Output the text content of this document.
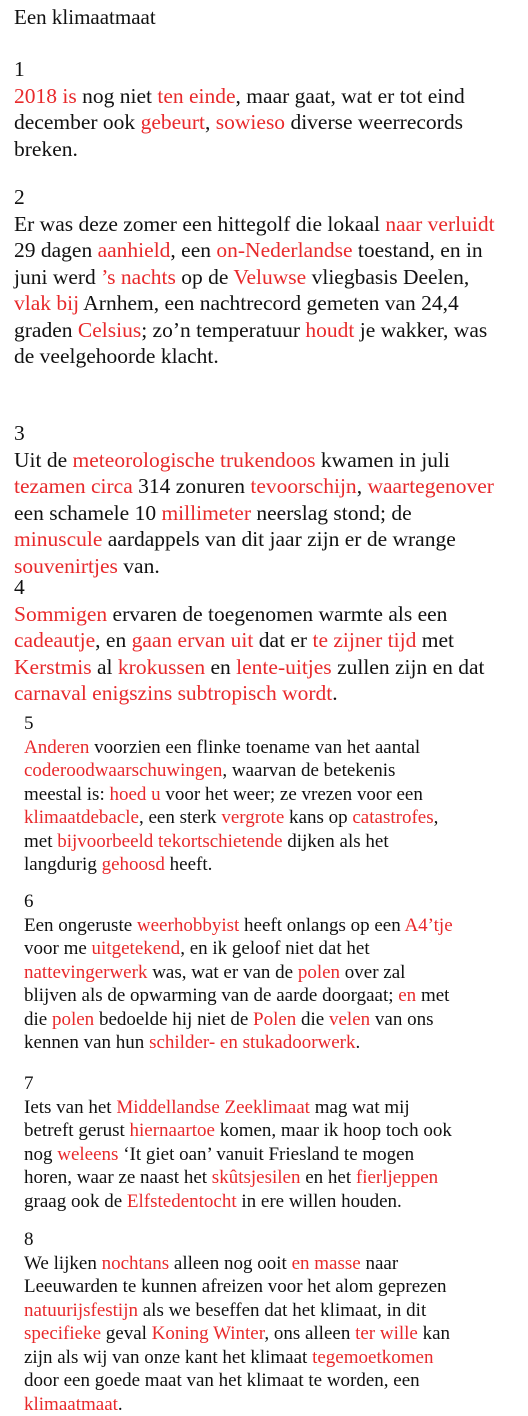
Een klimaatmaat
1
2018 is nog niet ten einde, maar gaat, wat er tot eind
december ook gebeurt, sowieso diverse weerrecords
breken.
2
Er was deze zomer een hittegolf die lokaal naar verluidt
29 dagen aanhield, een on-Nederlandse toestand, en in
juni werd ’s nachts op de Veluwse vliegbasis Deelen,
vlak bij Arnhem, een nachtrecord gemeten van 24,4
graden Celsius; zo’n temperatuur houdt je wakker, was
de veelgehoorde klacht.
3
Uit de meteorologische trukendoos kwamen in juli
tezamen circa 314 zonuren tevoorschijn, waartegenover
een schamele 10 millimeter neerslag stond; de
minuscule aardappels van dit jaar zijn er de wrange
souvenirtjes van.
4
Sommigen ervaren de toegenomen warmte als een
cadeautje, en gaan ervan uit dat er te zijner tijd met
Kerstmis al krokussen en lente-uitjes zullen zijn en dat
carnaval enigszins subtropisch wordt.
5
Anderen voorzien een flinke toename van het aantal
coderoodwaarschuwingen, waarvan de betekenis
meestal is: hoed u voor het weer; ze vrezen voor een
klimaatdebacle, een sterk vergrote kans op catastrofes,
met bijvoorbeeld tekortschietende dijken als het
langdurig gehoosd heeft.
6
Een ongeruste weerhobbyist heeft onlangs op een A4’tje
voor me uitgetekend, en ik geloof niet dat het
nattevingerwerk was, wat er van de polen over zal
blijven als de opwarming van de aarde doorgaat; en met
die polen bedoelde hij niet de Polen die velen van ons
kennen van hun schilder- en stukadoorwerk.
7
Iets van het Middellandse Zeeklimaat mag wat mij
betreft gerust hiernaartoe komen, maar ik hoop toch ook
nog weleens ‘It giet oan’ vanuit Friesland te mogen
horen, waar ze naast het skûtsjesilen en het fierljeppen
graag ook de Elfstedentocht in ere willen houden.
8
We lijken nochtans alleen nog ooit en masse naar
Leeuwarden te kunnen afreizen voor het alom geprezen
natuurijsfestijn als we beseffen dat het klimaat, in dit
specifieke geval Koning Winter, ons alleen ter wille kan
zijn als wij van onze kant het klimaat tegemoetkomen
door een goede maat van het klimaat te worden, een
klimaatmaat.
